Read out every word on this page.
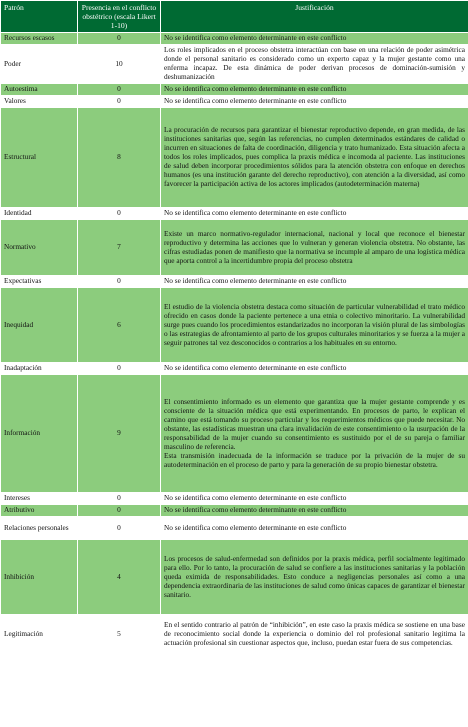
Patrón	Presencia en el conflicto obstétrico (escala Likert 1-10)	Justificación
Recursos escasos	0	No se identifica como elemento determinante en este conflicto

Poder	10	Los roles implicados en el proceso obstetra interactúan con base en una relación de poder asimétrica donde el personal sanitario es considerado como un experto capaz y la mujer gestante como una enferma incapaz. De esta dinámica de poder derivan procesos de dominación-sumisión y deshumanización

Autoestima	0	No se identifica como elemento determinante en este conflicto

Valores	0	No se identifica como elemento determinante en este conflicto

Estructural	8	La procuración de recursos para garantizar el bienestar reproductivo depende, en gran medida, de las instituciones sanitarias que, según las referencias, no cumplen determinados estándares de calidad o incurren en situaciones de falta de coordinación, diligencia y trato humanizado. Esta situación afecta a todos los roles implicados, pues complica la praxis médica e incomoda al paciente. Las instituciones de salud deben incorporar procedimientos sólidos para la atención obstetra con enfoque en derechos humanos (es una institución garante del derecho reproductivo), con atención a la diversidad, así como favorecer la participación activa de los actores implicados (autodeterminación materna)

Identidad	0	No se identifica como elemento determinante en este conflicto

Normativo	7	Existe un marco normativo-regulador internacional, nacional y local que reconoce el bienestar reproductivo y determina las acciones que lo vulneran y generan violencia obstetra. No obstante, las cifras estudiadas ponen de manifiesto que la normativa se incumple al amparo de una logística médica que aporta control a la incertidumbre propia del proceso obstetra

Expectativas	0	No se identifica como elemento determinante en este conflicto

Inequidad	6	El estudio de la violencia obstetra destaca como situación de particular vulnerabilidad el trato médico ofrecido en casos donde la paciente pertenece a una etnia o colectivo minoritario. La vulnerabilidad surge pues cuando los procedimientos estandarizados no incorporan la visión plural de las simbologías o las estrategias de afrontamiento al parto de los grupos culturales minoritarios y se fuerza a la mujer a seguir patrones tal vez desconocidos o contrarios a los habituales en su entorno.

Inadaptación	0	No se identifica como elemento determinante en este conflicto

Información	9	El consentimiento informado es un elemento que garantiza que la mujer gestante comprende y es consciente de la situación médica que está experimentando. En procesos de parto, le explican el camino que está tomando su proceso particular y los requerimientos médicos que puede necesitar. No obstante, las estadísticas muestran una clara invalidación de este consentimiento o la usurpación de la responsabilidad de la mujer cuando su consentimiento es sustituido por el de su pareja o familiar masculino de referencia.
Esta transmisión inadecuada de la información se traduce por la privación de la mujer de su autodeterminación en el proceso de parto y para la generación de su propio bienestar obstetra.

Intereses	0	No se identifica como elemento determinante en este conflicto

Atributivo	0	No se identifica como elemento determinante en este conflicto

Relaciones personales	0	No se identifica como elemento determinante en este conflicto

Inhibición	4	Los procesos de salud-enfermedad son definidos por la praxis médica, perfil socialmente legitimado para ello. Por lo tanto, la procuración de salud se confiere a las instituciones sanitarias y la población queda eximida de responsabilidades. Esto conduce a negligencias personales así como a una dependencia extraordinaria de las instituciones de salud como únicas capaces de garantizar el bienestar sanitario.

Legitimación	5	En el sentido contrario al patrón de “inhibición”, en este caso la praxis médica se sostiene en una base de reconocimiento social donde la experiencia o dominio del rol profesional sanitario legitima la actuación profesional sin cuestionar aspectos que, incluso, puedan estar fuera de sus competencias.
